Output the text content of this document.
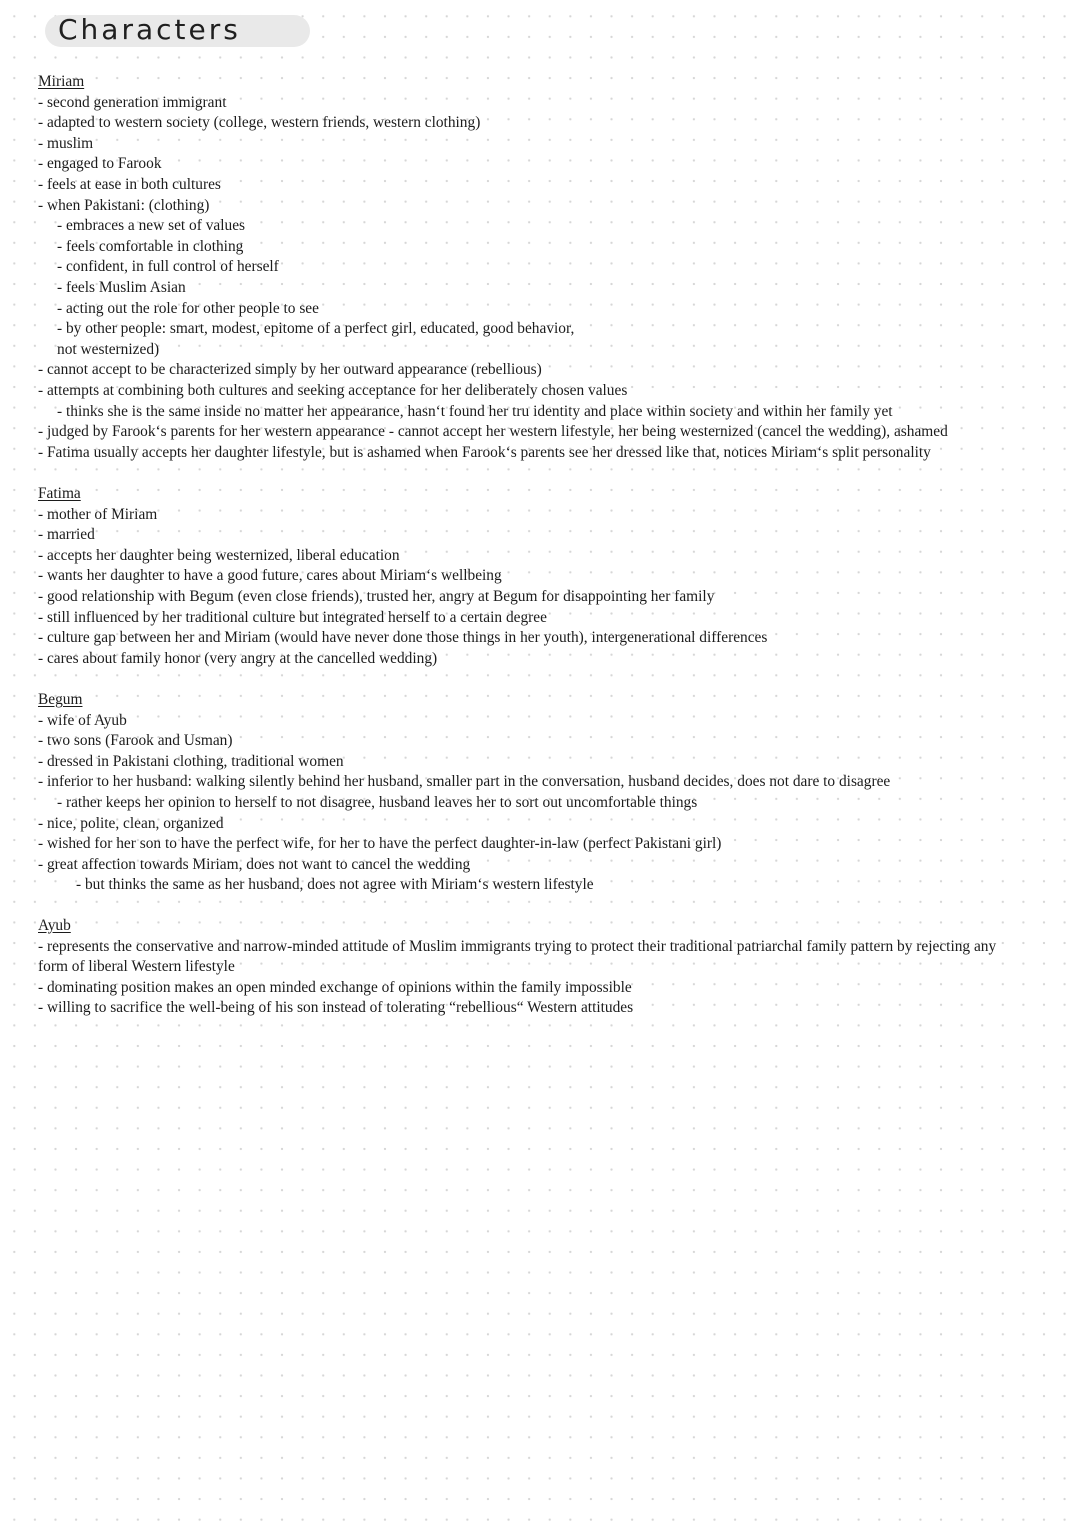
Characters
Miriam
- second generation immigrant
- adapted to western society (college, western friends, western clothing)
- muslim
- engaged to Farook
- feels at ease in both cultures
- when Pakistani: (clothing)
- embraces a new set of values
- feels comfortable in clothing
- confident, in full control of herself
- feels Muslim Asian
- acting out the role for other people to see
- by other people: smart, modest, epitome of a perfect girl, educated, good behavior,
not westernized)
- cannot accept to be characterized simply by her outward appearance (rebellious)
- attempts at combining both cultures and seeking acceptance for her deliberately chosen values
- thinks she is the same inside no matter her appearance, hasn‘t found her tru identity and place within society and within her family yet
- judged by Farook‘s parents for her western appearance - cannot accept her western lifestyle, her being westernized (cancel the wedding), ashamed
- Fatima usually accepts her daughter lifestyle, but is ashamed when Farook‘s parents see her dressed like that, notices Miriam‘s split personality
Fatima
- mother of Miriam
- married
- accepts her daughter being westernized, liberal education
- wants her daughter to have a good future, cares about Miriam‘s wellbeing
- good relationship with Begum (even close friends), trusted her, angry at Begum for disappointing her family
- still influenced by her traditional culture but integrated herself to a certain degree
- culture gap between her and Miriam (would have never done those things in her youth), intergenerational differences
- cares about family honor (very angry at the cancelled wedding)
Begum
- wife of Ayub
- two sons (Farook and Usman)
- dressed in Pakistani clothing, traditional women
- inferior to her husband: walking silently behind her husband, smaller part in the conversation, husband decides, does not dare to disagree
- rather keeps her opinion to herself to not disagree, husband leaves her to sort out uncomfortable things
- nice, polite, clean, organized
- wished for her son to have the perfect wife, for her to have the perfect daughter-in-law (perfect Pakistani girl)
- great affection towards Miriam, does not want to cancel the wedding
- but thinks the same as her husband, does not agree with Miriam‘s western lifestyle
Ayub
- represents the conservative and narrow-minded attitude of Muslim immigrants trying to protect their traditional patriarchal family pattern by rejecting any
form of liberal Western lifestyle
- dominating position makes an open minded exchange of opinions within the family impossible
- willing to sacrifice the well-being of his son instead of tolerating “rebellious“ Western attitudes
